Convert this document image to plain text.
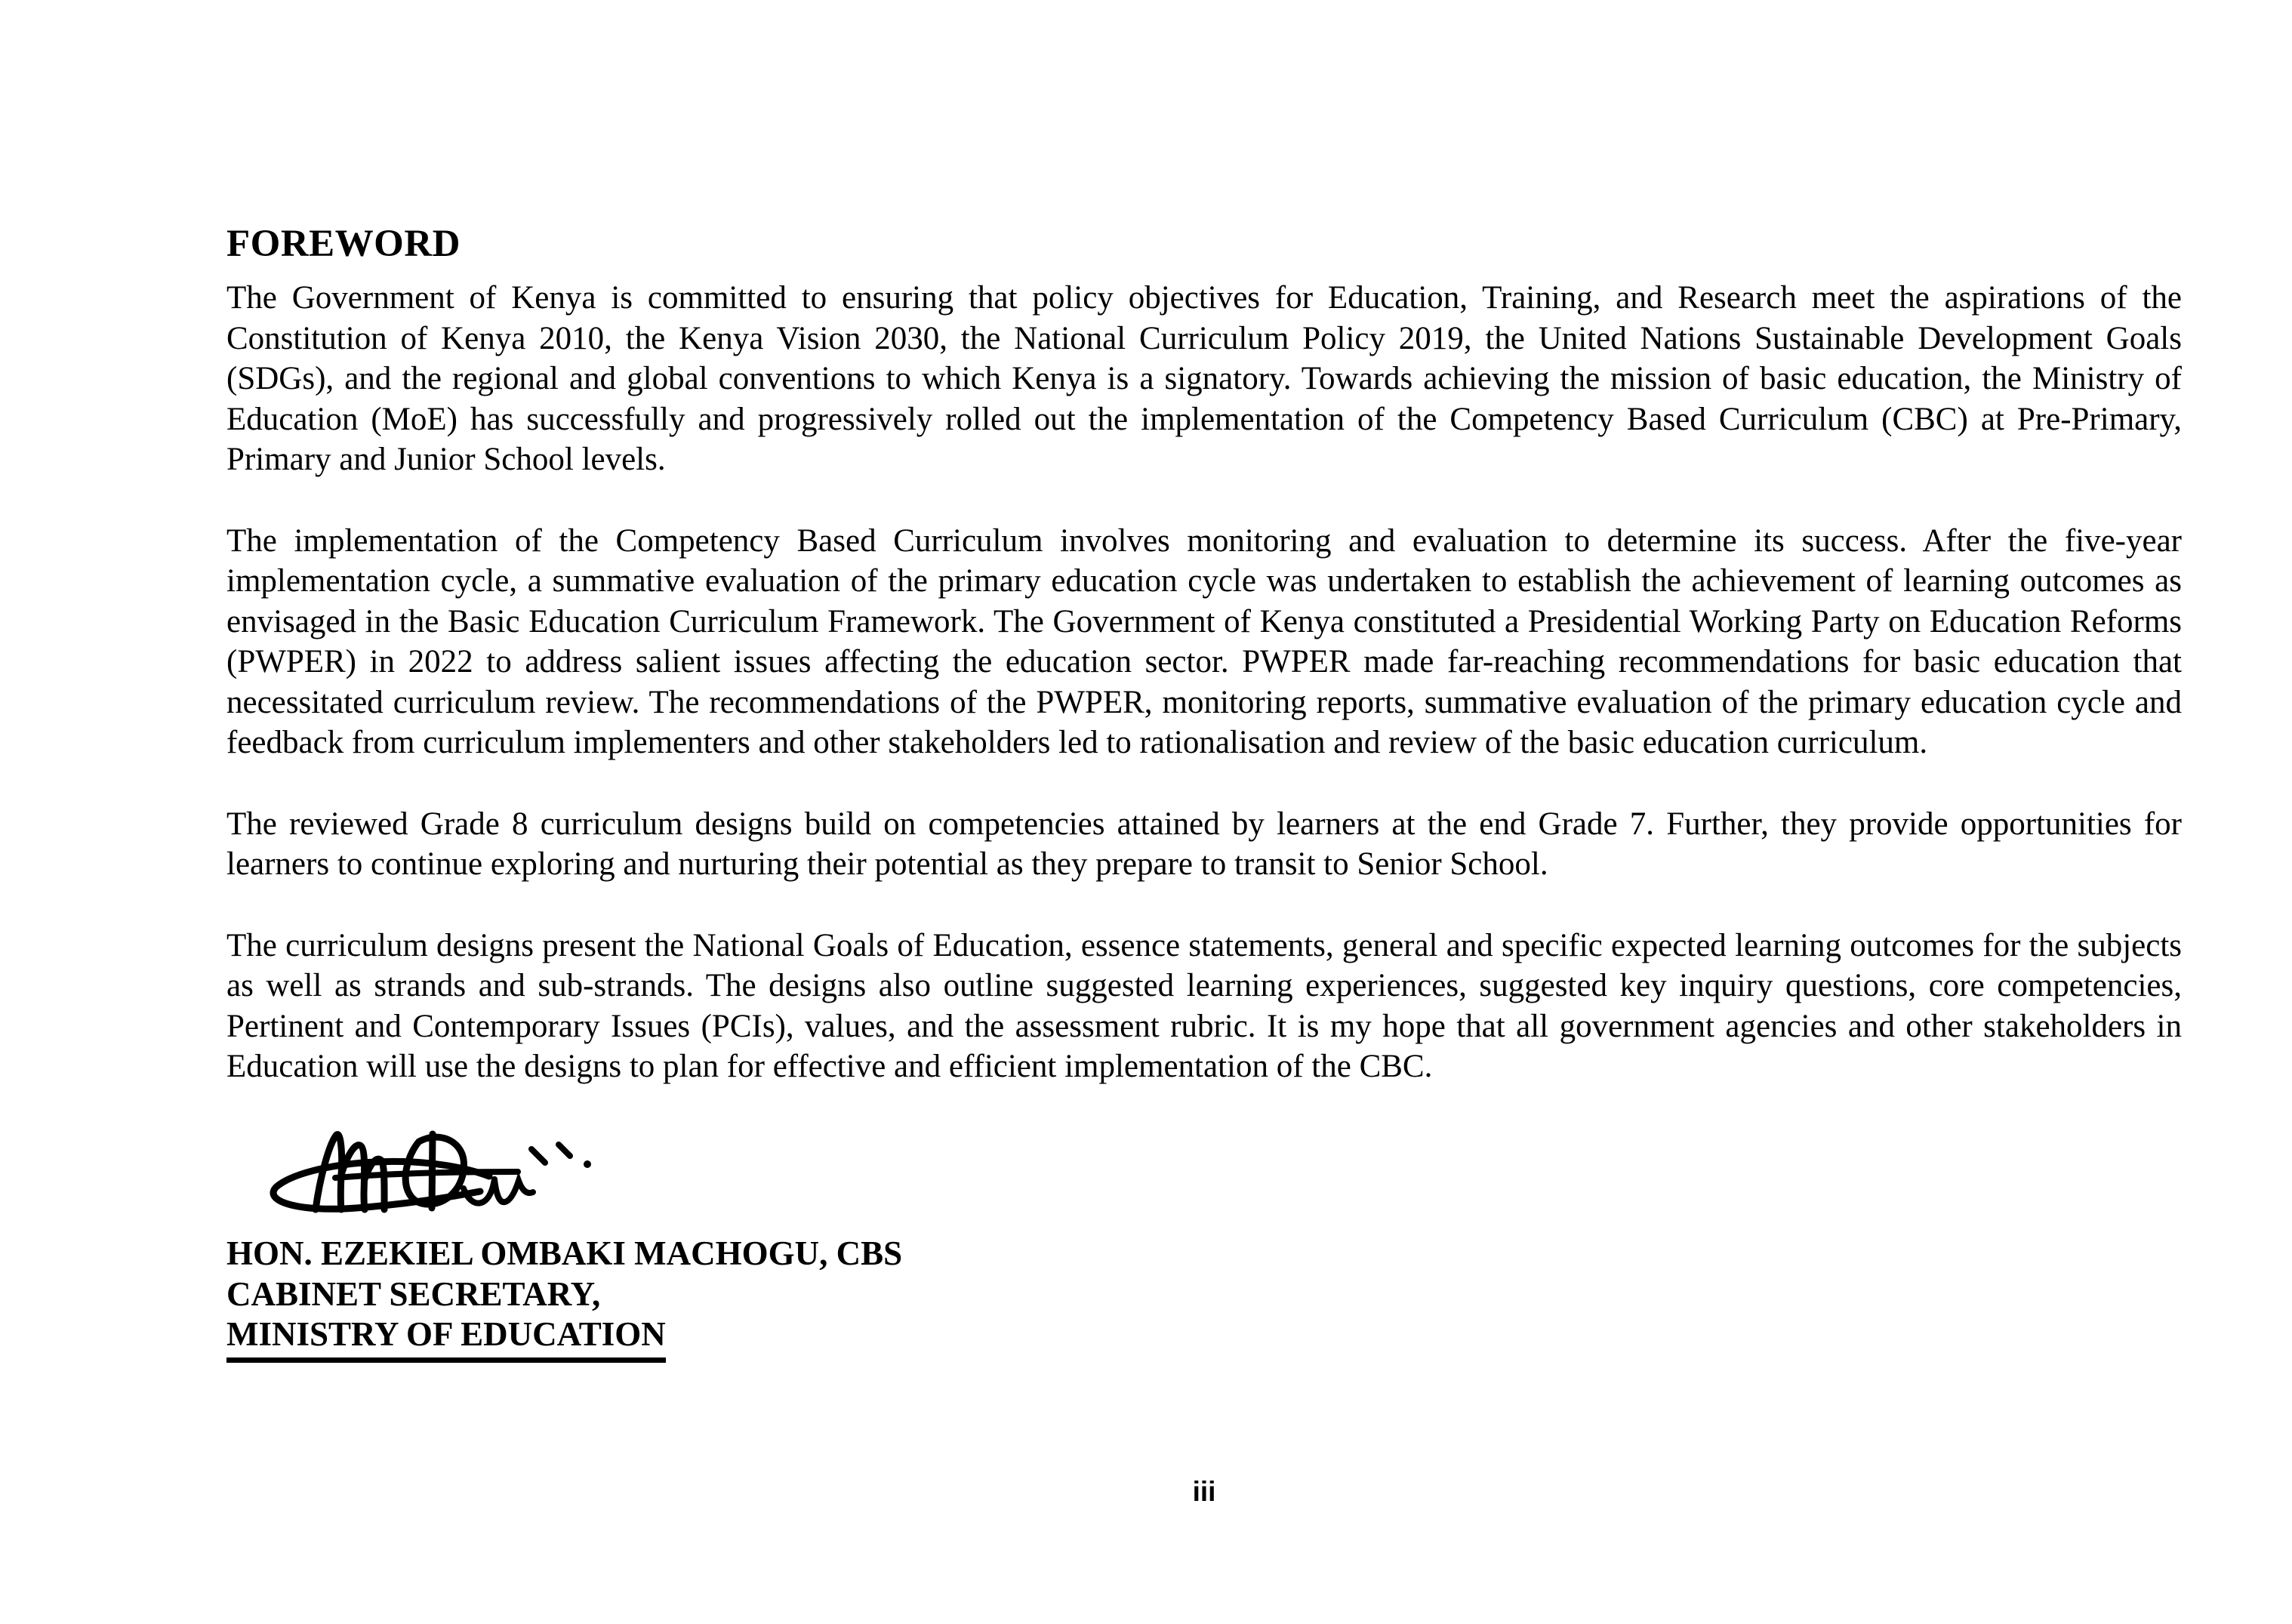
FOREWORD

The Government of Kenya is committed to ensuring that policy objectives for Education, Training, and Research meet the aspirations of the Constitution of Kenya 2010, the Kenya Vision 2030, the National Curriculum Policy 2019, the United Nations Sustainable Development Goals (SDGs), and the regional and global conventions to which Kenya is a signatory. Towards achieving the mission of basic education, the Ministry of Education (MoE) has successfully and progressively rolled out the implementation of the Competency Based Curriculum (CBC) at Pre-Primary, Primary and Junior School levels.

The implementation of the Competency Based Curriculum involves monitoring and evaluation to determine its success. After the five-year implementation cycle, a summative evaluation of the primary education cycle was undertaken to establish the achievement of learning outcomes as envisaged in the Basic Education Curriculum Framework. The Government of Kenya constituted a Presidential Working Party on Education Reforms (PWPER) in 2022 to address salient issues affecting the education sector. PWPER made far-reaching recommendations for basic education that necessitated curriculum review. The recommendations of the PWPER, monitoring reports, summative evaluation of the primary education cycle and feedback from curriculum implementers and other stakeholders led to rationalisation and review of the basic education curriculum.

The reviewed Grade 8 curriculum designs build on competencies attained by learners at the end Grade 7. Further, they provide opportunities for learners to continue exploring and nurturing their potential as they prepare to transit to Senior School.

The curriculum designs present the National Goals of Education, essence statements, general and specific expected learning outcomes for the subjects as well as strands and sub-strands. The designs also outline suggested learning experiences, suggested key inquiry questions, core competencies, Pertinent and Contemporary Issues (PCIs), values, and the assessment rubric. It is my hope that all government agencies and other stakeholders in Education will use the designs to plan for effective and efficient implementation of the CBC.

HON. EZEKIEL OMBAKI MACHOGU, CBS
CABINET SECRETARY,
MINISTRY OF EDUCATION
iii
